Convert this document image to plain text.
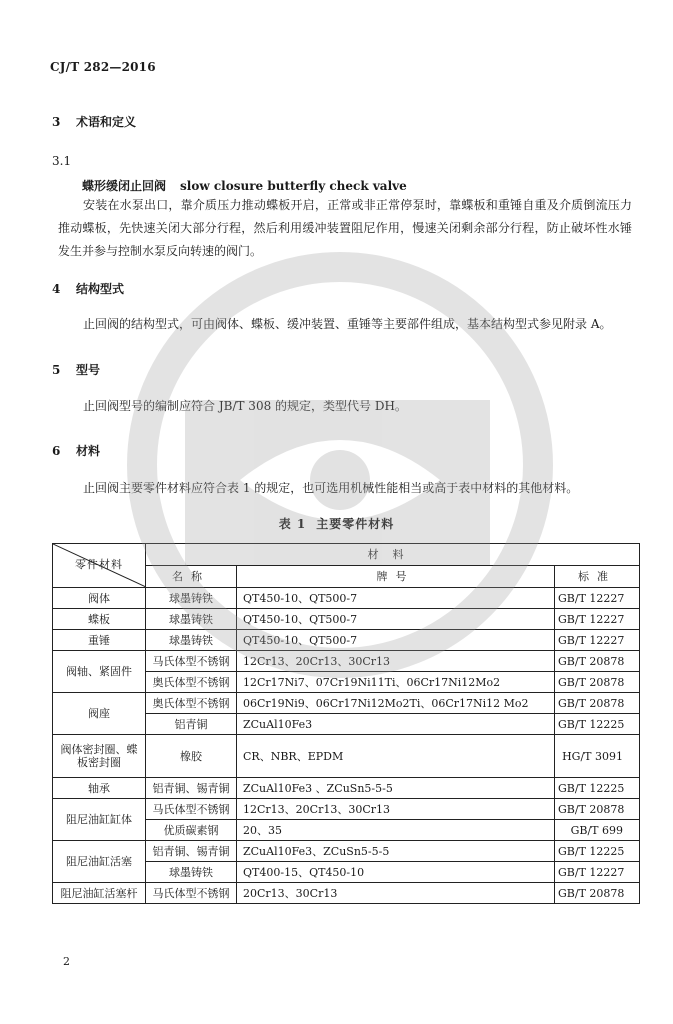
CJ/T 282—2016
3 术语和定义
3.1
蝶形缓闭止回阀 slow closure butterfly check valve
安装在水泵出口，靠介质压力推动蝶板开启，正常或非正常停泵时，靠蝶板和重锤自重及介质倒流压力推动蝶板，先快速关闭大部分行程，然后利用缓冲装置阻尼作用，慢速关闭剩余部分行程，防止破坏性水锤发生并参与控制水泵反向转速的阀门。
4 结构型式
止回阀的结构型式，可由阀体、蝶板、缓冲装置、重锤等主要部件组成，基本结构型式参见附录 A。
5 型号
止回阀型号的编制应符合 JB/T 308 的规定，类型代号 DH。
6 材料
止回阀主要零件材料应符合表 1 的规定，也可选用机械性能相当或高于表中材料的其他材料。
表 1 主要零件材料
零件材料	材料		
	名称	牌号	标准
阀体	球墨铸铁	QT450-10、QT500-7	GB/T 12227
蝶板	球墨铸铁	QT450-10、QT500-7	GB/T 12227
重锤	球墨铸铁	QT450-10、QT500-7	GB/T 12227
阀轴、紧固件	马氏体型不锈钢	12Cr13、20Cr13、30Cr13	GB/T 20878
	奥氏体型不锈钢	12Cr17Ni7、07Cr19Ni11Ti、06Cr17Ni12Mo2	GB/T 20878
阀座	奥氏体型不锈钢	06Cr19Ni9、06Cr17Ni12Mo2Ti、06Cr17Ni12 Mo2	GB/T 20878
	铝青铜	ZCuAl10Fe3	GB/T 12225
阀体密封圈、蝶板密封圈	橡胶	CR、NBR、EPDM	HG/T 3091
轴承	铝青铜、锡青铜	ZCuAl10Fe3 、ZCuSn5-5-5	GB/T 12225
阻尼油缸缸体	马氏体型不锈钢	12Cr13、20Cr13、30Cr13	GB/T 20878
	优质碳素钢	20、35	GB/T 699
阻尼油缸活塞	铝青铜、锡青铜	ZCuAl10Fe3、ZCuSn5-5-5	GB/T 12225
	球墨铸铁	QT400-15、QT450-10	GB/T 12227
阻尼油缸活塞杆	马氏体型不锈钢	20Cr13、30Cr13	GB/T 20878
2
